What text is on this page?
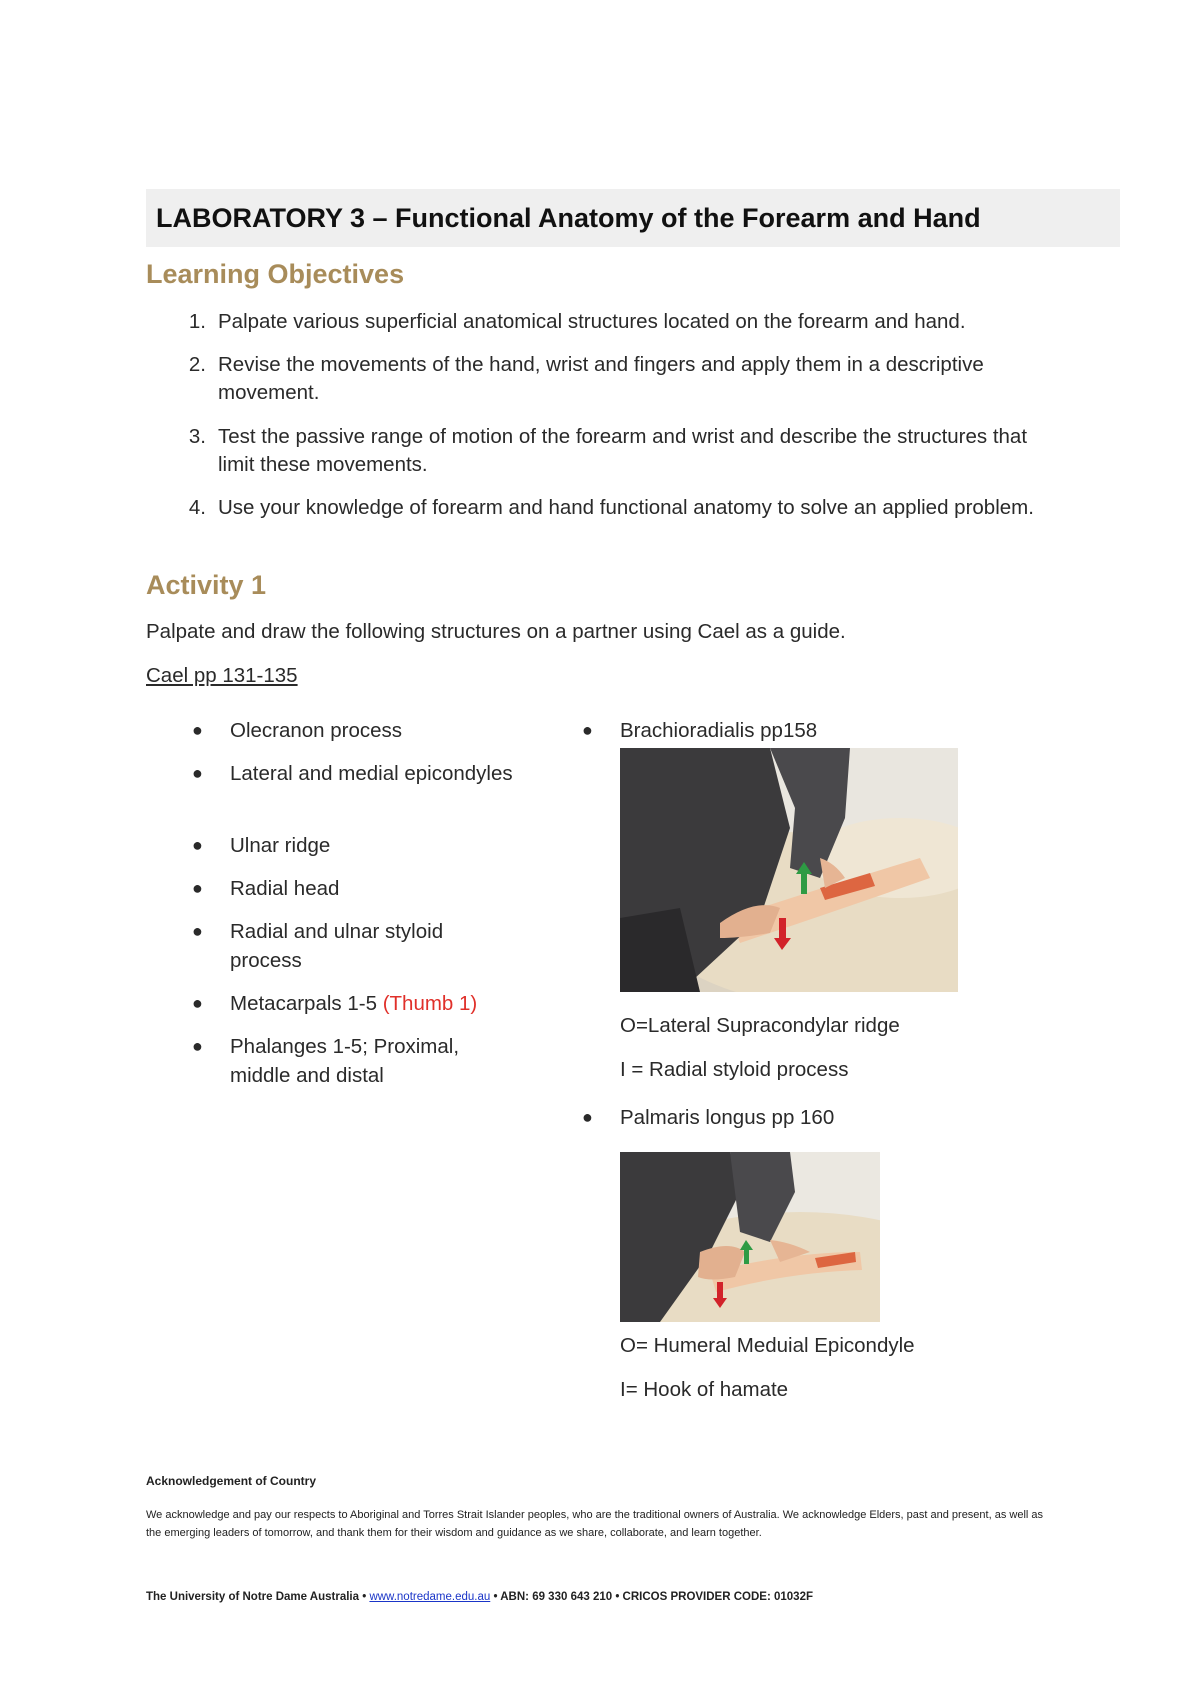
LABORATORY 3 – Functional Anatomy of the Forearm and Hand
Learning Objectives
1. Palpate various superficial anatomical structures located on the forearm and hand.
2. Revise the movements of the hand, wrist and fingers and apply them in a descriptive movement.
3. Test the passive range of motion of the forearm and wrist and describe the structures that limit these movements.
4. Use your knowledge of forearm and hand functional anatomy to solve an applied problem.
Activity 1
Palpate and draw the following structures on a partner using Cael as a guide.
Cael pp 131-135
●	Olecranon process
●	Lateral and medial epicondyles
●	Ulnar ridge
●	Radial head
●	Radial and ulnar styloid process
●	Metacarpals 1-5 (Thumb 1)
●	Phalanges 1-5; Proximal, middle and distal
●	Brachioradialis pp158
O=Lateral Supracondylar ridge
I = Radial styloid process
●	Palmaris longus pp 160
O= Humeral Meduial Epicondyle
I= Hook of hamate
Acknowledgement of Country
We acknowledge and pay our respects to Aboriginal and Torres Strait Islander peoples, who are the traditional owners of Australia. We acknowledge Elders, past and present, as well as the emerging leaders of tomorrow, and thank them for their wisdom and guidance as we share, collaborate, and learn together.
The University of Notre Dame Australia • www.notredame.edu.au • ABN: 69 330 643 210 • CRICOS PROVIDER CODE: 01032F
